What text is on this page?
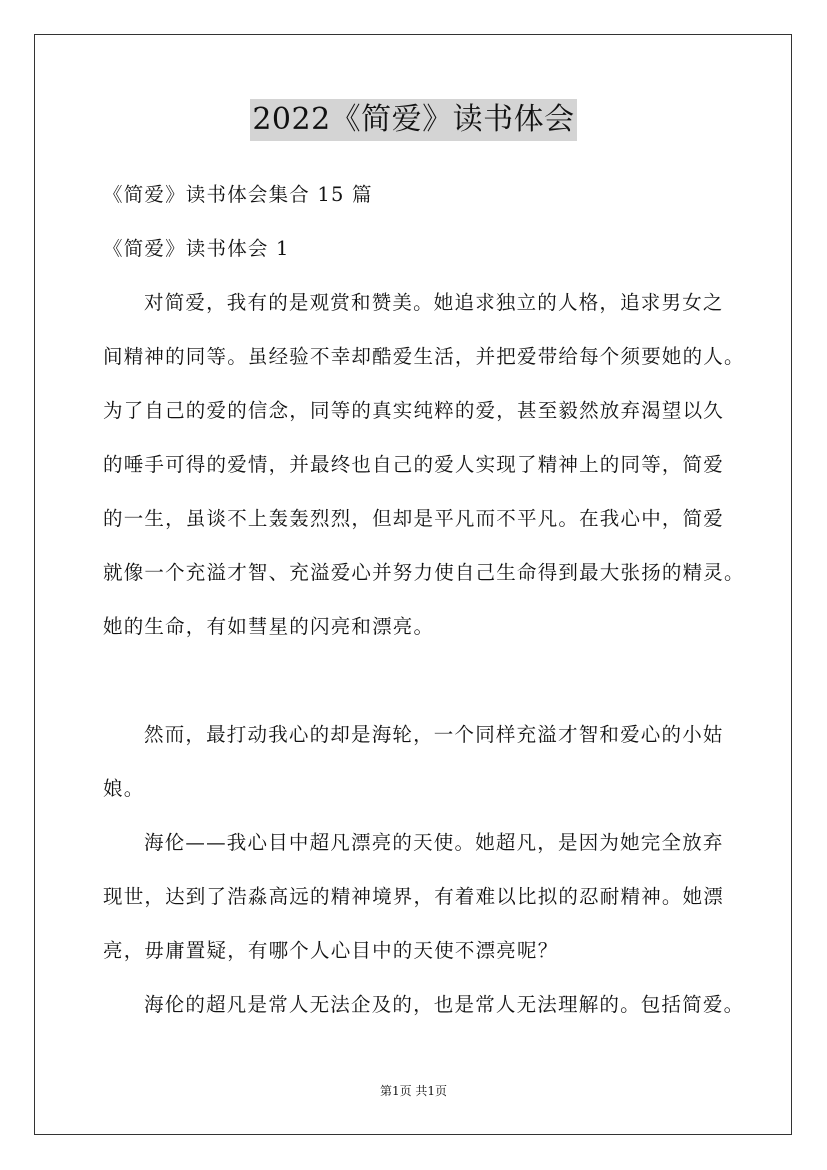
2022《简爱》读书体会
《简爱》读书体会集合 15 篇
《简爱》读书体会 1
对简爱，我有的是观赏和赞美。她追求独立的人格，追求男女之
间精神的同等。虽经验不幸却酷爱生活，并把爱带给每个须要她的人。
为了自己的爱的信念，同等的真实纯粹的爱，甚至毅然放弃渴望以久
的唾手可得的爱情，并最终也自己的爱人实现了精神上的同等，简爱
的一生，虽谈不上轰轰烈烈，但却是平凡而不平凡。在我心中，简爱
就像一个充溢才智、充溢爱心并努力使自己生命得到最大张扬的精灵。
她的生命，有如彗星的闪亮和漂亮。
然而，最打动我心的却是海轮，一个同样充溢才智和爱心的小姑
娘。
海伦——我心目中超凡漂亮的天使。她超凡，是因为她完全放弃
现世，达到了浩淼高远的精神境界，有着难以比拟的忍耐精神。她漂
亮，毋庸置疑，有哪个人心目中的天使不漂亮呢？
海伦的超凡是常人无法企及的，也是常人无法理解的。包括简爱。
第1页 共1页
